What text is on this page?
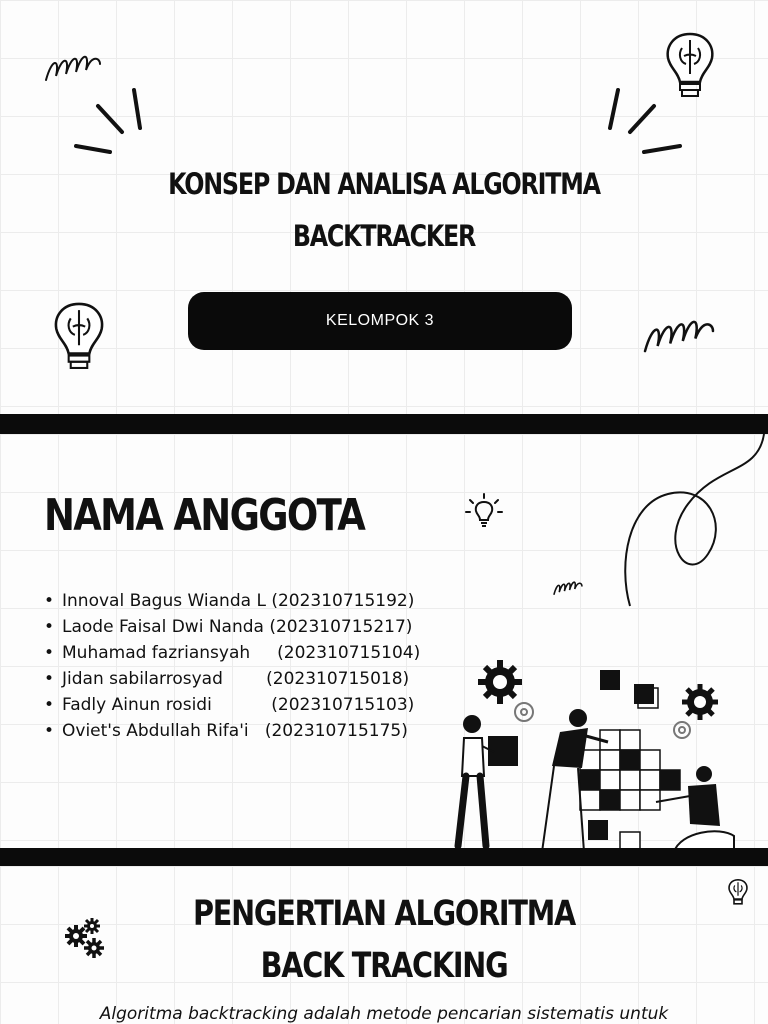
KONSEP DAN ANALISA ALGORITMA
BACKTRACKER
KELOMPOK 3
NAMA ANGGOTA
• Innoval Bagus Wianda L
(202310715192)
• Laode Faisal Dwi Nanda
(202310715217)
• Muhamad fazriansyah
(202310715104)
• Jidan sabilarrosyad
(202310715018)
• Fadly Ainun rosidi
(202310715103)
• Oviet's Abdullah Rifa'i
(202310715175)
PENGERTIAN ALGORITMA
BACK TRACKING
Algoritma backtracking adalah metode pencarian sistematis untuk
